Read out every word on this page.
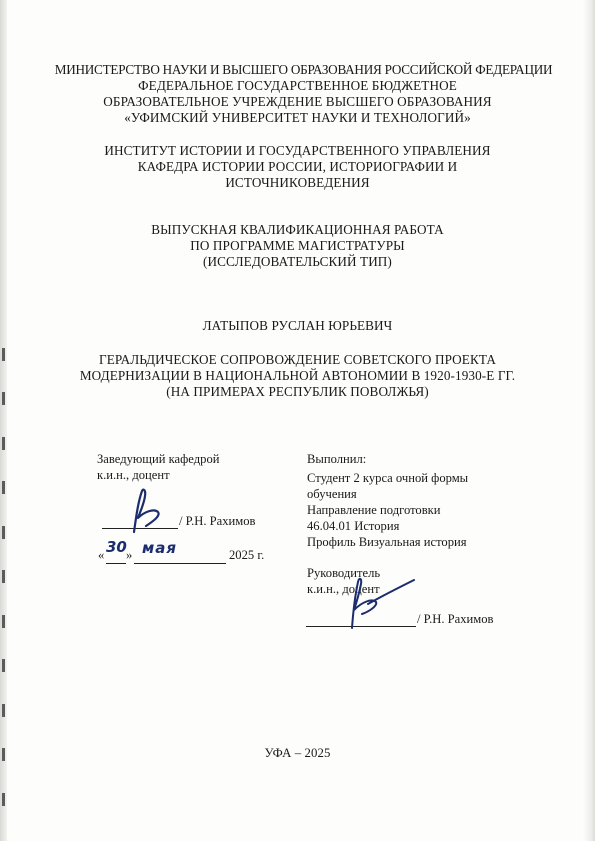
МИНИСТЕРСТВО НАУКИ И ВЫСШЕГО ОБРАЗОВАНИЯ РОССИЙСКОЙ ФЕДЕРАЦИИ
ФЕДЕРАЛЬНОЕ ГОСУДАРСТВЕННОЕ БЮДЖЕТНОЕ
ОБРАЗОВАТЕЛЬНОЕ УЧРЕЖДЕНИЕ ВЫСШЕГО ОБРАЗОВАНИЯ
«УФИМСКИЙ УНИВЕРСИТЕТ НАУКИ И ТЕХНОЛОГИЙ»
ИНСТИТУТ ИСТОРИИ И ГОСУДАРСТВЕННОГО УПРАВЛЕНИЯ
КАФЕДРА ИСТОРИИ РОССИИ, ИСТОРИОГРАФИИ И
ИСТОЧНИКОВЕДЕНИЯ
ВЫПУСКНАЯ КВАЛИФИКАЦИОННАЯ РАБОТА
ПО ПРОГРАММЕ МАГИСТРАТУРЫ
(ИССЛЕДОВАТЕЛЬСКИЙ ТИП)
ЛАТЫПОВ РУСЛАН ЮРЬЕВИЧ
ГЕРАЛЬДИЧЕСКОЕ СОПРОВОЖДЕНИЕ СОВЕТСКОГО ПРОЕКТА
МОДЕРНИЗАЦИИ В НАЦИОНАЛЬНОЙ АВТОНОМИИ В 1920-1930-Е ГГ.
(НА ПРИМЕРАХ РЕСПУБЛИК ПОВОЛЖЬЯ)
Заведующий кафедрой
к.и.н., доцент
/ Р.Н. Рахимов
« 30 » мая	2025 г.
Выполнил:
Студент 2 курса очной формы
обучения
Направление подготовки
46.04.01 История
Профиль Визуальная история
Руководитель
к.и.н., доцент
/ Р.Н. Рахимов
УФА – 2025
